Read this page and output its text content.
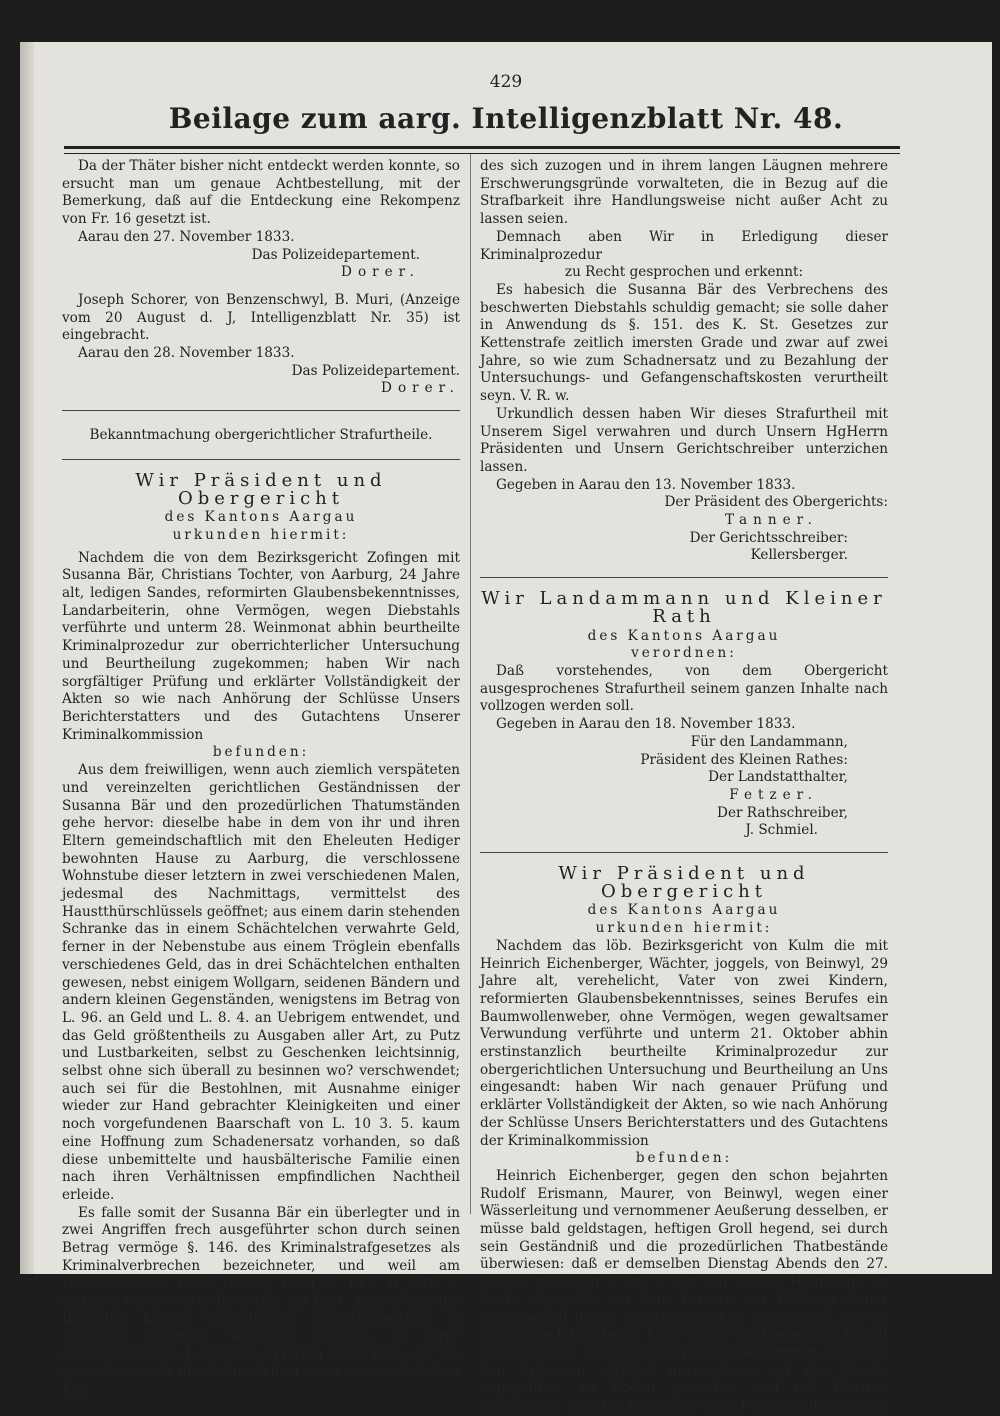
429
Beilage zum aarg. Intelligenzblatt Nr. 48.

Da der Thäter bisher nicht entdeckt werden konnte, so ersucht man um genaue Achtbestellung, mit der Bemerkung, daß auf die Entdeckung eine Rekompenz von Fr. 16 gesetzt ist.

Aarau den 27. November 1833.

Das Polizeidepartement.

Dorer.

Joseph Schorer, von Benzenschwyl, B. Muri, (Anzeige vom 20 August d. J, Intelligenzblatt Nr. 35) ist eingebracht.

Aarau den 28. November 1833.

Das Polizeidepartement.

Dorer.

Bekanntmachung obergerichtlicher Strafurtheile.

Wir Präsident und Obergericht

des Kantons Aargau

urkunden hiermit:

Nachdem die von dem Bezirksgericht Zofingen mit Susanna Bär, Christians Tochter, von Aarburg, 24 Jahre alt, ledigen Sandes, reformirten Glaubensbekenntnisses, Landarbeiterin, ohne Vermögen, wegen Diebstahls verführte und unterm 28. Weinmonat abhin beurtheilte Kriminalprozedur zur oberrichterlicher Untersuchung und Beurtheilung zugekommen; haben Wir nach sorgfältiger Prüfung und erklärter Vollständigkeit der Akten so wie nach Anhörung der Schlüsse Unsers Berichterstatters und des Gutachtens Unserer Kriminalkommission

befunden:

Aus dem freiwilligen, wenn auch ziemlich verspäteten und vereinzelten gerichtlichen Geständnissen der Susanna Bär und den prozedürlichen Thatumständen gehe hervor: dieselbe habe in dem von ihr und ihren Eltern gemeindschaftlich mit den Eheleuten Hediger bewohnten Hause zu Aarburg, die verschlossene Wohnstube dieser letztern in zwei verschiedenen Malen, jedesmal des Nachmittags, vermittelst des Haustthürschlüssels geöffnet; aus einem darin stehenden Schranke das in einem Schächtelchen verwahrte Geld, ferner in der Nebenstube aus einem Tröglein ebenfalls verschiedenes Geld, das in drei Schächtelchen enthalten gewesen, nebst einigem Wollgarn, seidenen Bändern und andern kleinen Gegenständen, wenigstens im Betrag von L. 96. an Geld und L. 8. 4. an Uebrigem entwendet, und das Geld größtentheils zu Ausgaben aller Art, zu Putz und Lustbarkeiten, selbst zu Geschenken leichtsinnig, selbst ohne sich überall zu besinnen wo? verschwendet; auch sei für die Bestohlnen, mit Ausnahme einiger wieder zur Hand gebrachter Kleinigkeiten und einer noch vorgefundenen Baarschaft von L. 10 3. 5. kaum eine Hoffnung zum Schadenersatz vorhanden, so daß diese unbemittelte und hausbälterische Familie einen nach ihren Verhältnissen empfindlichen Nachtheil erleide.

Es falle somit der Susanna Bär ein überlegter und in zwei Angriffen frech ausgeführter schon durch seinen Betrag vermöge §. 146. des Kriminalstrafgesetzes als Kriminalverbrechen bezeichneter, und weil am verschlossenen Gute verübt, nach §. 147. II. litt. c. zugleich beschwerter Diebstahl zur Last. Auch könne die Inquisitin keinen wesentlichen Milderungsgrund in Anspruch nehmen, während dagegen in ihrer ausschweifenden Lebensart, in ihrem übeln Rufe, der sie besonders auch durch die Geburt eines ausserehelichen Kin-

des sich zuzogen und in ihrem langen Läugnen mehrere Erschwerungsgründe vorwalteten, die in Bezug auf die Strafbarkeit ihre Handlungsweise nicht außer Acht zu lassen seien.

Demnach aben Wir in Erledigung dieser Kriminalprozedur

zu Recht gesprochen und erkennt:

Es habesich die Susanna Bär des Verbrechens des beschwerten Diebstahls schuldig gemacht; sie solle daher in Anwendung ds §. 151. des K. St. Gesetzes zur Kettenstrafe zeitlich imersten Grade und zwar auf zwei Jahre, so wie zum Schadnersatz und zu Bezahlung der Untersuchungs- und Gefangenschaftskosten verurtheilt seyn. V. R. w.

Urkundlich dessen haben Wir dieses Strafurtheil mit Unserem Sigel verwahren und durch Unsern HgHerrn Präsidenten und Unsern Gerichtschreiber unterzichen lassen.

Gegeben in Aarau den 13. November 1833.

Der Präsident des Obergerichts:

Tanner.

Der Gerichtsschreiber:

Kellersberger.

Wir Landammann und Kleiner Rath

des Kantons Aargau

verordnen:

Daß vorstehendes, von dem Obergericht ausgesprochenes Strafurtheil seinem ganzen Inhalte nach vollzogen werden soll.

Gegeben in Aarau den 18. November 1833.

Für den Landammann,

Präsident des Kleinen Rathes:

Der Landstatthalter,

Fetzer.

Der Rathschreiber,

J. Schmiel.

Wir Präsident und Obergericht

des Kantons Aargau

urkunden hiermit:

Nachdem das löb. Bezirksgericht von Kulm die mit Heinrich Eichenberger, Wächter, joggels, von Beinwyl, 29 Jahre alt, verehelicht, Vater von zwei Kindern, reformierten Glaubensbekenntnisses, seines Berufes ein Baumwollenweber, ohne Vermögen, wegen gewaltsamer Verwundung verführte und unterm 21. Oktober abhin erstinstanzlich beurtheilte Kriminalprozedur zur obergerichtlichen Untersuchung und Beurtheilung an Uns eingesandt: haben Wir nach genauer Prüfung und erklärter Vollständigkeit der Akten, so wie nach Anhörung der Schlüsse Unsers Berichterstatters und des Gutachtens der Kriminalkommission

befunden:

Heinrich Eichenberger, gegen den schon bejahrten Rudolf Erismann, Maurer, von Beinwyl, wegen einer Wässerleitung und vernommener Aeußerung desselben, er müsse bald geldstagen, heftigen Groll hegend, sei durch sein Geständniß und die prozedürlichen Thatbestände überwiesen: daß er demselben Dienstag Abends den 27. August zwischen 8 und 9 Uhr auf dessen Heimwege im Dorfe abgepaßt, mit dem Vorsatz, zur Kühlung seiner Leidenschaft ihn zu überfallen und zu mißhandeln; daß er ferner, nachdem beide kurz vorder im Hause des Rudolf Eichenberger, Seifensieder, friedlich beisammen gewesen, den Erismann wirklich unversehens auf der Straße angegriffen, zu Boden geworfen und mit Fäusten geschlagen, aber bei Erblikung einer Person in dem nahen
